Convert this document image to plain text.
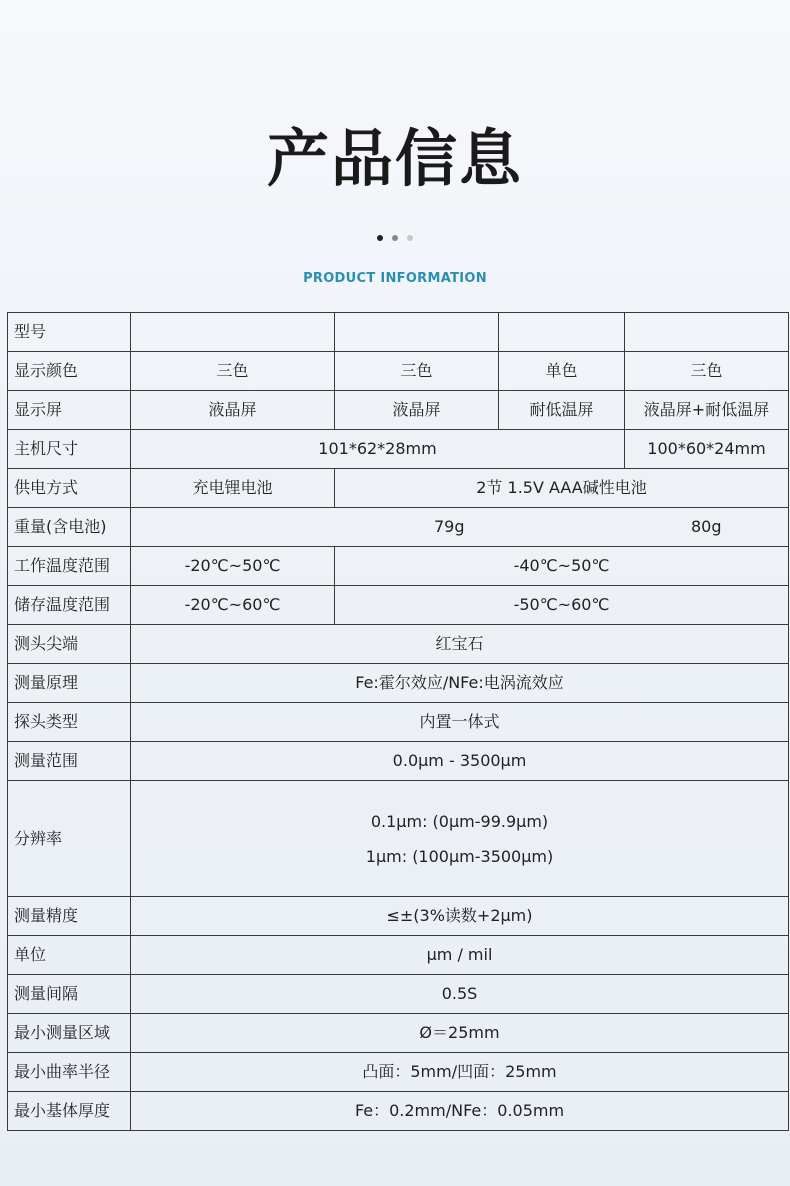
产品信息

PRODUCT INFORMATION
型号				
显示颜色	三色	三色	单色	三色
显示屏	液晶屏	液晶屏	耐低温屏	液晶屏+耐低温屏
主机尺寸	101*62*28mm			100*60*24mm
供电方式	充电锂电池	2节 1.5V AAA碱性电池		
重量(含电池)	79g			80g
工作温度范围	-20℃~50℃	-40℃~50℃		
储存温度范围	-20℃~60℃	-50℃~60℃		
测头尖端	红宝石			
测量原理	Fe:霍尔效应/NFe:电涡流效应			
探头类型	内置一体式			
测量范围	0.0μm - 3500μm			
分辨率	0.1μm: (0μm-99.9μm)
1μm: (100μm-3500μm)			

测量精度	≤±(3%读数+2μm)			
单位	μm / mil			
测量间隔	0.5S			
最小测量区域	Ø＝25mm			
最小曲率半径	凸面：5mm/凹面：25mm			
最小基体厚度	Fe：0.2mm/NFe：0.05mm			
